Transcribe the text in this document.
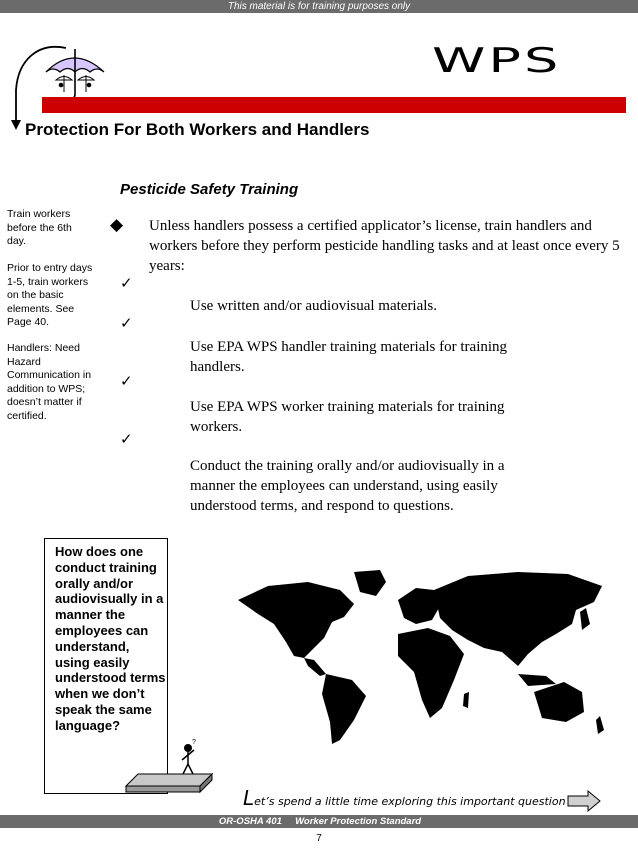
This material is for training purposes only
WPS
Protection For Both Workers and Handlers
Pesticide Safety Training
Train workers before the 6th day.
Prior to entry days 1-5, train workers on the basic elements. See Page 40.
Handlers: Need Hazard Communication in addition to WPS; doesn’t matter if certified.
◆ Unless handlers possess a certified applicator’s license, train handlers and workers before they perform pesticide handling tasks and at least once every 5 years:
✓
✓
✓
✓
Use written and/or audiovisual materials.
Use EPA WPS handler training materials for training handlers.
Use EPA WPS worker training materials for training workers.
Conduct the training orally and/or audiovisually in a manner the employees can understand, using easily understood terms, and respond to questions.
How does one conduct training orally and/or audiovisually in a manner the employees can understand, using easily understood terms when we don’t speak the same language?
?
Let’s spend a little time exploring this important question
OR-OSHA 401 Worker Protection Standard
7
